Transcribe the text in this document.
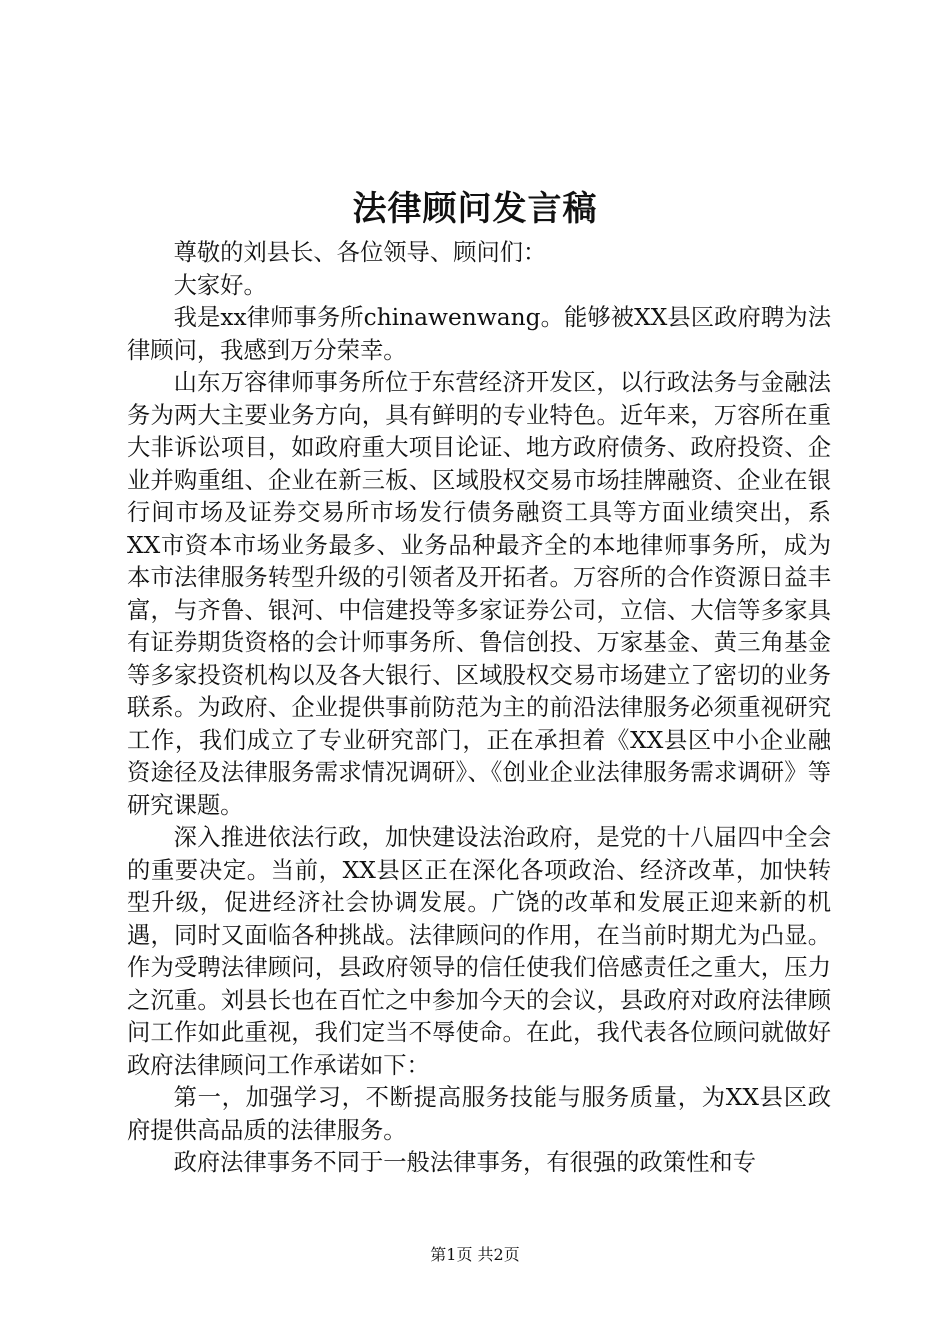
法律顾问发言稿

尊敬的刘县长、各位领导、顾问们：

大家好。

我是xx律师事务所chinawenwang。能够被XX县区政府聘为法律顾问，我感到万分荣幸。

山东万容律师事务所位于东营经济开发区，以行政法务与金融法务为两大主要业务方向，具有鲜明的专业特色。近年来，万容所在重大非诉讼项目，如政府重大项目论证、地方政府债务、政府投资、企业并购重组、企业在新三板、区域股权交易市场挂牌融资、企业在银行间市场及证券交易所市场发行债务融资工具等方面业绩突出，系XX市资本市场业务最多、业务品种最齐全的本地律师事务所，成为本市法律服务转型升级的引领者及开拓者。万容所的合作资源日益丰富，与齐鲁、银河、中信建投等多家证券公司，立信、大信等多家具有证券期货资格的会计师事务所、鲁信创投、万家基金、黄三角基金等多家投资机构以及各大银行、区域股权交易市场建立了密切的业务联系。为政府、企业提供事前防范为主的前沿法律服务必须重视研究工作，我们成立了专业研究部门，正在承担着《XX县区中小企业融资途径及法律服务需求情况调研》、《创业企业法律服务需求调研》等研究课题。

深入推进依法行政，加快建设法治政府，是党的十八届四中全会的重要决定。当前，XX县区正在深化各项政治、经济改革，加快转型升级，促进经济社会协调发展。广饶的改革和发展正迎来新的机遇，同时又面临各种挑战。法律顾问的作用，在当前时期尤为凸显。作为受聘法律顾问，县政府领导的信任使我们倍感责任之重大，压力之沉重。刘县长也在百忙之中参加今天的会议，县政府对政府法律顾问工作如此重视，我们定当不辱使命。在此，我代表各位顾问就做好政府法律顾问工作承诺如下：

第一，加强学习，不断提高服务技能与服务质量，为XX县区政府提供高品质的法律服务。

政府法律事务不同于一般法律事务，有很强的政策性和专

第1页 共2页
